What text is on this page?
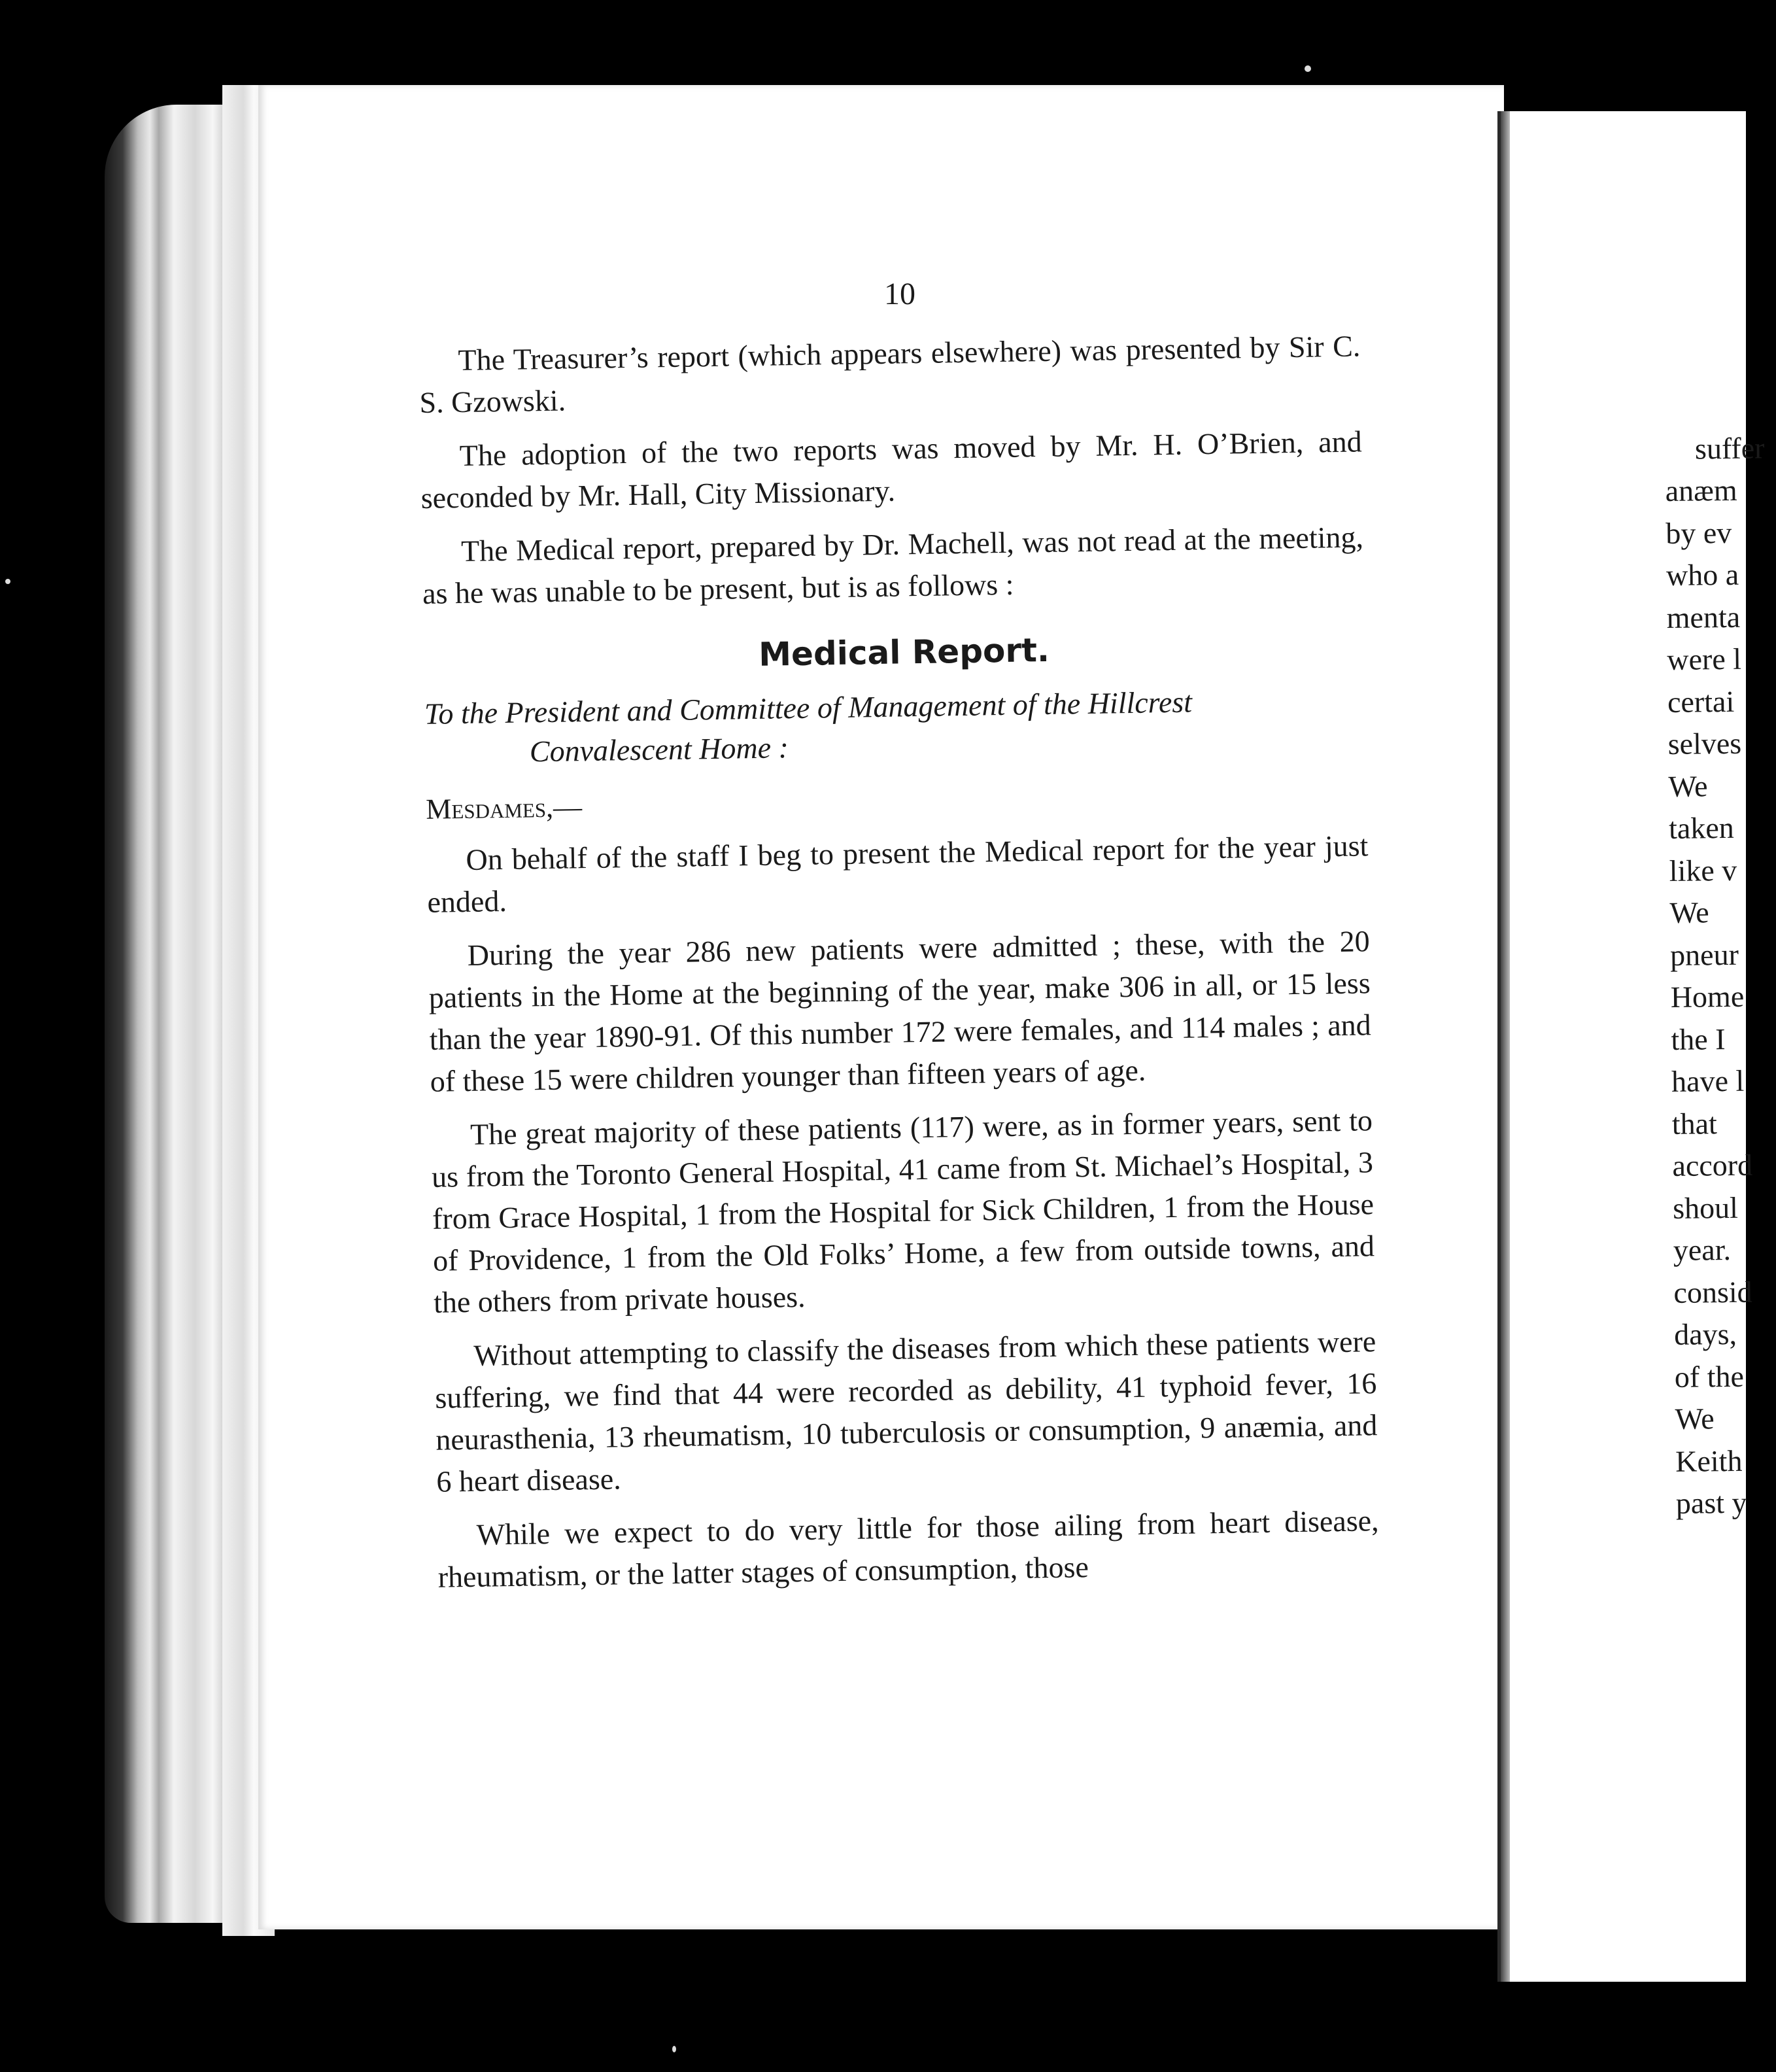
10

The Treasurer’s report (which appears elsewhere) was presented by Sir C. S. Gzowski.

The adoption of the two reports was moved by Mr. H. O’Brien, and seconded by Mr. Hall, City Missionary.

The Medical report, prepared by Dr. Machell, was not read at the meeting, as he was unable to be present, but is as follows :

Medical Report.
To the President and Committee of Management of the Hillcrest
Convalescent Home :
Mesdames,—

On behalf of the staff I beg to present the Medical report for the year just ended.

During the year 286 new patients were admitted ; these, with the 20 patients in the Home at the beginning of the year, make 306 in all, or 15 less than the year 1890-91. Of this number 172 were females, and 114 males ; and of these 15 were children younger than fifteen years of age.

The great majority of these patients (117) were, as in former years, sent to us from the Toronto General Hospital, 41 came from St. Michael’s Hospital, 3 from Grace Hospital, 1 from the Hospital for Sick Children, 1 from the House of Providence, 1 from the Old Folks’ Home, a few from outside towns, and the others from private houses.

Without attempting to classify the diseases from which these patients were suffering, we find that 44 were recorded as debility, 41 typhoid fever, 16 neurasthenia, 13 rheumatism, 10 tuberculosis or consumption, 9 anæmia, and 6 heart disease.

While we expect to do very little for those ailing from heart disease, rheumatism, or the latter stages of consumption, those

suffer
anæm
by ev
who a
menta
were l
certai
selves
We
taken
like v
We
pneur
Home
the I
have l
that
accord
shoul
year.
consid
days,
of the
We
Keith
past y
